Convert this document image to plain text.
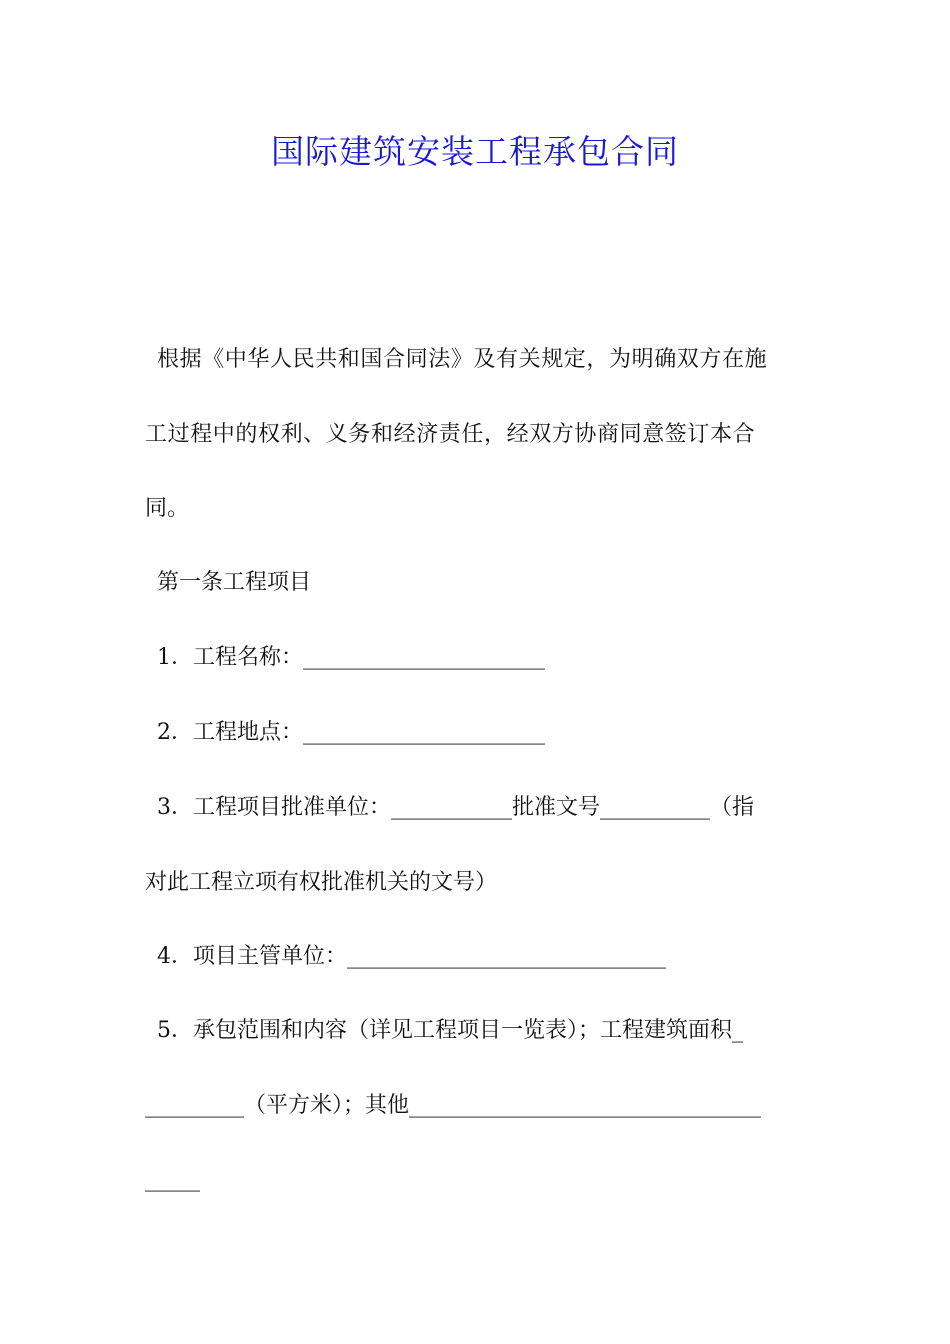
国际建筑安装工程承包合同
根据《中华人民共和国合同法》及有关规定，为明确双方在施
工过程中的权利、义务和经济责任，经双方协商同意签订本合
同。
第一条工程项目
1．工程名称：______________________
2．工程地点：______________________
3．工程项目批准单位：___________批准文号__________（指
对此工程立项有权批准机关的文号）
4．项目主管单位：_____________________________
5．承包范围和内容（详见工程项目一览表）；工程建筑面积_
_________（平方米）；其他________________________________
_____
